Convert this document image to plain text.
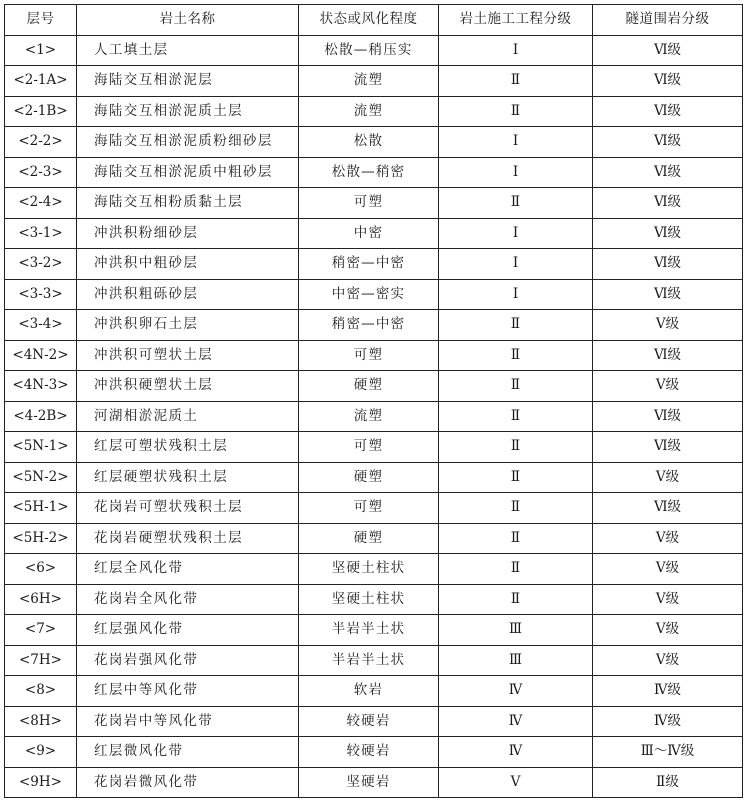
层号	岩土名称	状态或风化程度	岩土施工工程分级	隧道围岩分级
<1>	人工填土层	松散—稍压实	Ⅰ	Ⅵ级
<2-1A>	海陆交互相淤泥层	流塑	Ⅱ	Ⅵ级
<2-1B>	海陆交互相淤泥质土层	流塑	Ⅱ	Ⅵ级
<2-2>	海陆交互相淤泥质粉细砂层	松散	Ⅰ	Ⅵ级
<2-3>	海陆交互相淤泥质中粗砂层	松散—稍密	Ⅰ	Ⅵ级
<2-4>	海陆交互相粉质黏土层	可塑	Ⅱ	Ⅵ级
<3-1>	冲洪积粉细砂层	中密	Ⅰ	Ⅵ级
<3-2>	冲洪积中粗砂层	稍密—中密	Ⅰ	Ⅵ级
<3-3>	冲洪积粗砾砂层	中密—密实	Ⅰ	Ⅵ级
<3-4>	冲洪积卵石土层	稍密—中密	Ⅱ	Ⅴ级
<4N-2>	冲洪积可塑状土层	可塑	Ⅱ	Ⅵ级
<4N-3>	冲洪积硬塑状土层	硬塑	Ⅱ	Ⅴ级
<4-2B>	河湖相淤泥质土	流塑	Ⅱ	Ⅵ级
<5N-1>	红层可塑状残积土层	可塑	Ⅱ	Ⅵ级
<5N-2>	红层硬塑状残积土层	硬塑	Ⅱ	Ⅴ级
<5H-1>	花岗岩可塑状残积土层	可塑	Ⅱ	Ⅵ级
<5H-2>	花岗岩硬塑状残积土层	硬塑	Ⅱ	Ⅴ级
<6>	红层全风化带	坚硬土柱状	Ⅱ	Ⅴ级
<6H>	花岗岩全风化带	坚硬土柱状	Ⅱ	Ⅴ级
<7>	红层强风化带	半岩半土状	Ⅲ	Ⅴ级
<7H>	花岗岩强风化带	半岩半土状	Ⅲ	Ⅴ级
<8>	红层中等风化带	软岩	Ⅳ	Ⅳ级
<8H>	花岗岩中等风化带	较硬岩	Ⅳ	Ⅳ级
<9>	红层微风化带	较硬岩	Ⅳ	Ⅲ～Ⅳ级
<9H>	花岗岩微风化带	坚硬岩	Ⅴ	Ⅱ级
